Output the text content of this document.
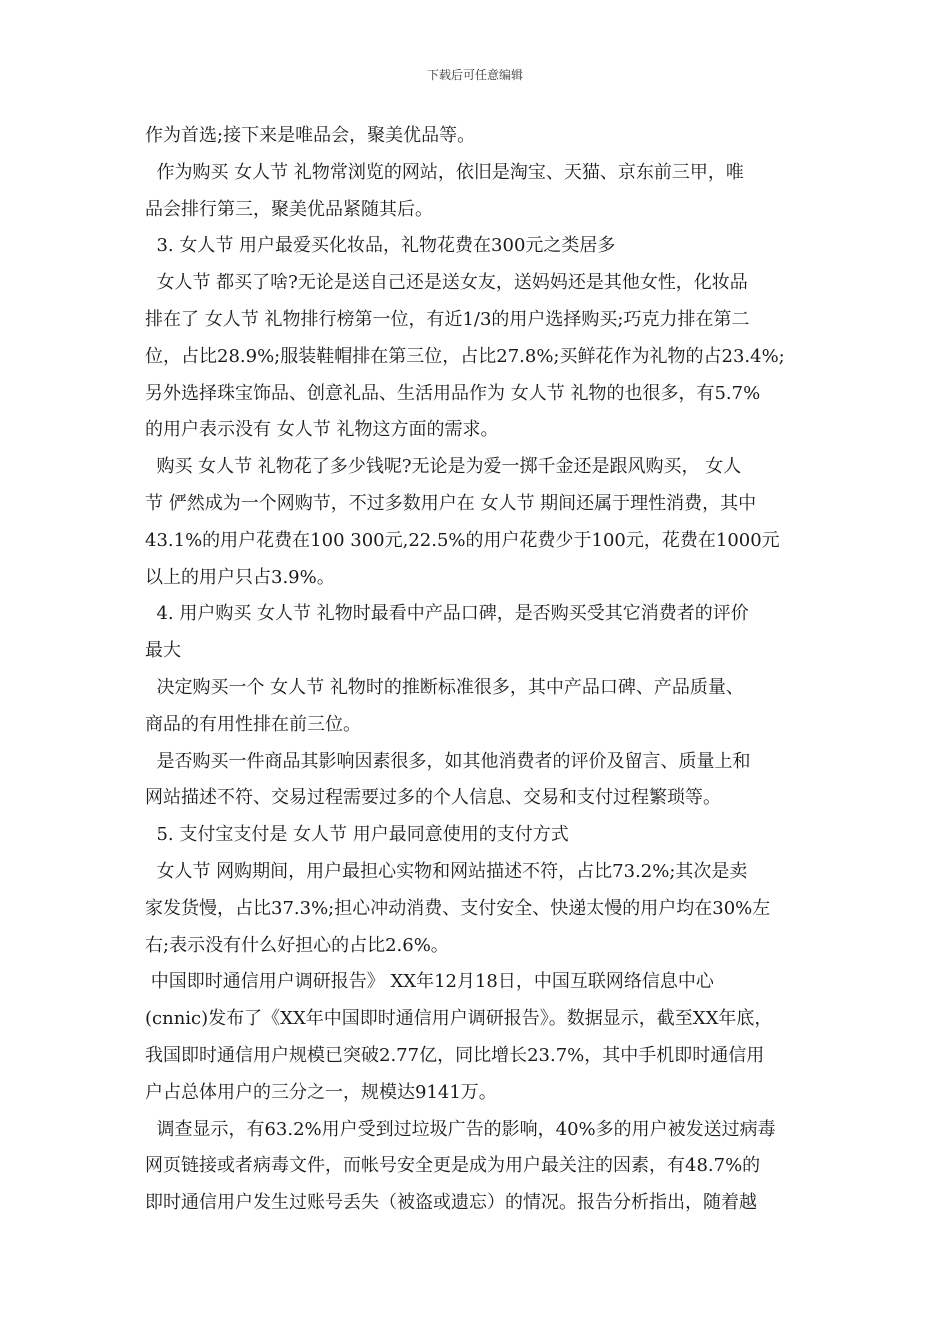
下载后可任意编辑
作为首选;接下来是唯品会，聚美优品等。
作为购买 女人节 礼物常浏览的网站，依旧是淘宝、天猫、京东前三甲，唯
品会排行第三，聚美优品紧随其后。
3. 女人节 用户最爱买化妆品，礼物花费在300元之类居多
女人节 都买了啥?无论是送自己还是送女友，送妈妈还是其他女性，化妆品
排在了 女人节 礼物排行榜第一位，有近1/3的用户选择购买;巧克力排在第二
位，占比28.9%;服装鞋帽排在第三位，占比27.8%;买鲜花作为礼物的占23.4%;
另外选择珠宝饰品、创意礼品、生活用品作为 女人节 礼物的也很多，有5.7%
的用户表示没有 女人节 礼物这方面的需求。
购买 女人节 礼物花了多少钱呢?无论是为爱一掷千金还是跟风购买， 女人
节 俨然成为一个网购节，不过多数用户在 女人节 期间还属于理性消费，其中
43.1%的用户花费在100 300元,22.5%的用户花费少于100元，花费在1000元
以上的用户只占3.9%。
4. 用户购买 女人节 礼物时最看中产品口碑，是否购买受其它消费者的评价
最大
决定购买一个 女人节 礼物时的推断标准很多，其中产品口碑、产品质量、
商品的有用性排在前三位。
是否购买一件商品其影响因素很多，如其他消费者的评价及留言、质量上和
网站描述不符、交易过程需要过多的个人信息、交易和支付过程繁琐等。
5. 支付宝支付是 女人节 用户最同意使用的支付方式
女人节 网购期间，用户最担心实物和网站描述不符，占比73.2%;其次是卖
家发货慢，占比37.3%;担心冲动消费、支付安全、快递太慢的用户均在30%左
右;表示没有什么好担心的占比2.6%。
中国即时通信用户调研报告》 XX年12月18日，中国互联网络信息中心
(cnnic)发布了《XX年中国即时通信用户调研报告》。数据显示，截至XX年底，
我国即时通信用户规模已突破2.77亿，同比增长23.7%，其中手机即时通信用
户占总体用户的三分之一，规模达9141万。
调查显示，有63.2%用户受到过垃圾广告的影响，40%多的用户被发送过病毒
网页链接或者病毒文件，而帐号安全更是成为用户最关注的因素，有48.7%的
即时通信用户发生过账号丢失（被盗或遗忘）的情况。报告分析指出，随着越
